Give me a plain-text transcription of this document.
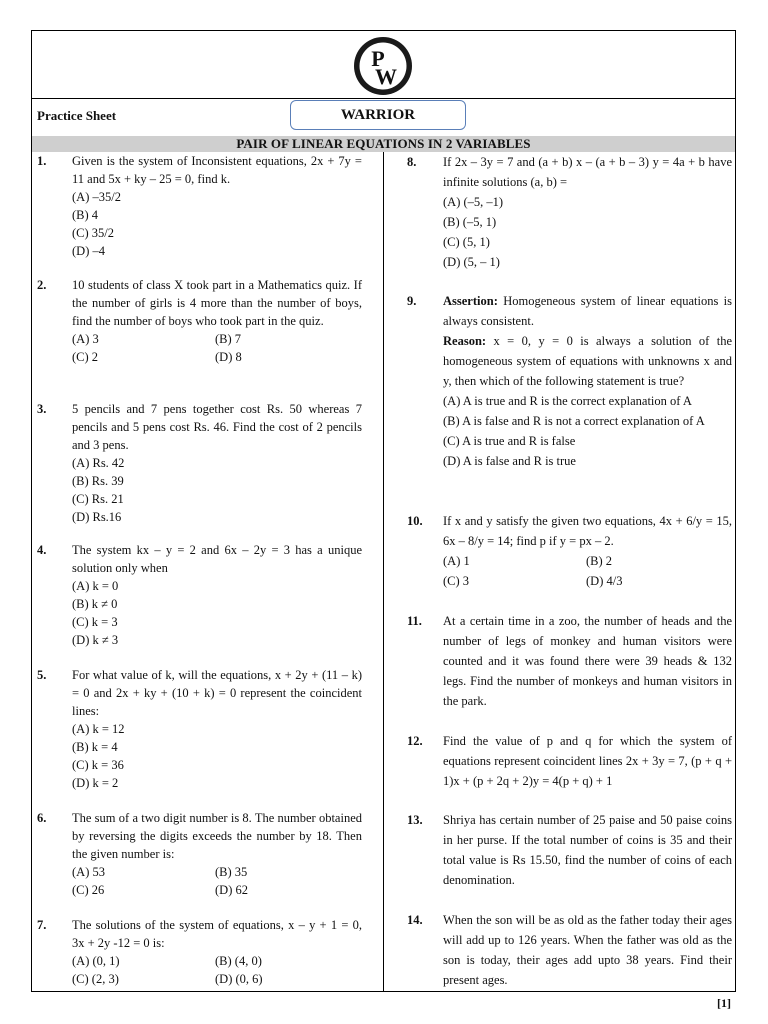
P
W
Practice Sheet	WARRIOR
PAIR OF LINEAR EQUATIONS IN 2 VARIABLES
1. Given is the system of Inconsistent equations, 2x + 7y = 11 and 5x + ky – 25 = 0, find k.

(A) –35/2
(B) 4
(C) 35/2
(D) –4
2. 10 students of class X took part in a Mathematics quiz. If the number of girls is 4 more than the number of boys, find the number of boys who took part in the quiz.

(A) 3	(B) 7
(C) 2	(D) 8
3. 5 pencils and 7 pens together cost Rs. 50 whereas 7 pencils and 5 pens cost Rs. 46. Find the cost of 2 pencils and 3 pens.

(A) Rs. 42
(B) Rs. 39
(C) Rs. 21
(D) Rs.16
4. The system kx – y = 2 and 6x – 2y = 3 has a unique solution only when

(A) k = 0
(B) k ≠ 0
(C) k = 3
(D) k ≠ 3
5. For what value of k, will the equations, x + 2y + (11 – k) = 0 and 2x + ky + (10 + k) = 0 represent the coincident lines:

(A) k = 12
(B) k = 4
(C) k = 36
(D) k = 2
6. The sum of a two digit number is 8. The number obtained by reversing the digits exceeds the number by 18. Then the given number is:

(A) 53	(B) 35
(C) 26	(D) 62
7. The solutions of the system of equations, x – y + 1 = 0, 3x + 2y -12 = 0 is:

(A) (0, 1)	(B) (4, 0)
(C) (2, 3)	(D) (0, 6)
8. If 2x – 3y = 7 and (a + b) x – (a + b – 3) y = 4a + b have infinite solutions (a, b) =

(A) (–5, –1)
(B) (–5, 1)
(C) (5, 1)
(D) (5, – 1)
9. Assertion: Homogeneous system of linear equations is always consistent.

Reason: x = 0, y = 0 is always a solution of the homogeneous system of equations with unknowns x and y, then which of the following statement is true?

(A) A is true and R is the correct explanation of A
(B) A is false and R is not a correct explanation of A
(C) A is true and R is false
(D) A is false and R is true
10. If x and y satisfy the given two equations, 4x + 6/y = 15, 6x – 8/y = 14; find p if y = px – 2.

(A) 1	(B) 2
(C) 3	(D) 4/3
11. At a certain time in a zoo, the number of heads and the number of legs of monkey and human visitors were counted and it was found there were 39 heads & 132 legs. Find the number of monkeys and human visitors in the park.

12. Find the value of p and q for which the system of equations represent coincident lines 2x + 3y = 7, (p + q + 1)x + (p + 2q + 2)y = 4(p + q) + 1

13. Shriya has certain number of 25 paise and 50 paise coins in her purse. If the total number of coins is 35 and their total value is Rs 15.50, find the number of coins of each denomination.

14. When the son will be as old as the father today their ages will add up to 126 years. When the father was old as the son is today, their ages add upto 38 years. Find their present ages.

[1]
